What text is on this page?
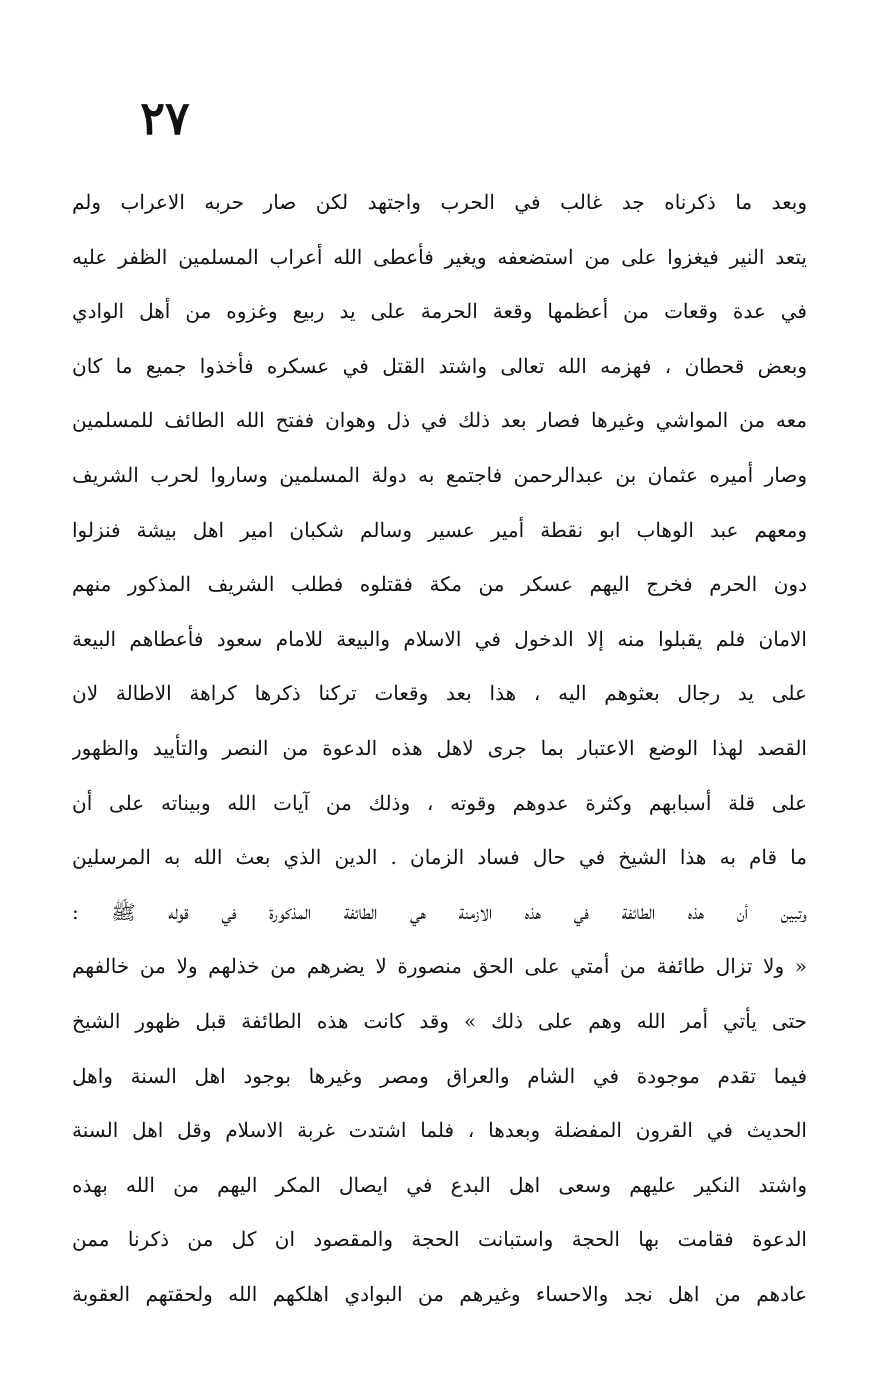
٢٧
وبعد ما ذكرناه جد غالب في الحرب واجتهد لكن صار حربه الاعراب ولم
يتعد النير فيغزوا على من استضعفه ويغير فأعطى الله أعراب المسلمين الظفر عليه
في عدة وقعات من أعظمها وقعة الحرمة على يد ربيع وغزوه من أهل الوادي
وبعض قحطان ، فهزمه الله تعالى واشتد القتل في عسكره فأخذوا جميع ما كان
معه من المواشي وغيرها فصار بعد ذلك في ذل وهوان ففتح الله الطائف للمسلمين
وصار أميره عثمان بن عبدالرحمن فاجتمع به دولة المسلمين وساروا لحرب الشريف
ومعهم عبد الوهاب ابو نقطة أمير عسير وسالم شكبان امير اهل بيشة فنزلوا
دون الحرم فخرج اليهم عسكر من مكة فقتلوه فطلب الشريف المذكور منهم
الامان فلم يقبلوا منه إلا الدخول في الاسلام والبيعة للامام سعود فأعطاهم البيعة
على يد رجال بعثوهم اليه ، هذا بعد وقعات تركنا ذكرها كراهة الاطالة لان
القصد لهذا الوضع الاعتبار بما جرى لاهل هذه الدعوة من النصر والتأييد والظهور
على قلة أسبابهم وكثرة عدوهم وقوته ، وذلك من آيات الله وبيناته على أن
ما قام به هذا الشيخ في حال فساد الزمان . الدين الذي بعث الله به المرسلين
وتبين أن هذه الطائفة في هذه الازمنة هي الطائفة المذكورة في قوله ﷺ :
« ولا تزال طائفة من أمتي على الحق منصورة لا يضرهم من خذلهم ولا من خالفهم
حتى يأتي أمر الله وهم على ذلك » وقد كانت هذه الطائفة قبل ظهور الشيخ
فيما تقدم موجودة في الشام والعراق ومصر وغيرها بوجود اهل السنة واهل
الحديث في القرون المفضلة وبعدها ، فلما اشتدت غربة الاسلام وقل اهل السنة
واشتد النكير عليهم وسعى اهل البدع في ايصال المكر اليهم من الله بهذه
الدعوة فقامت بها الحجة واستبانت الحجة والمقصود ان كل من ذكرنا ممن
عادهم من اهل نجد والاحساء وغيرهم من البوادي اهلكهم الله ولحقتهم العقوبة
